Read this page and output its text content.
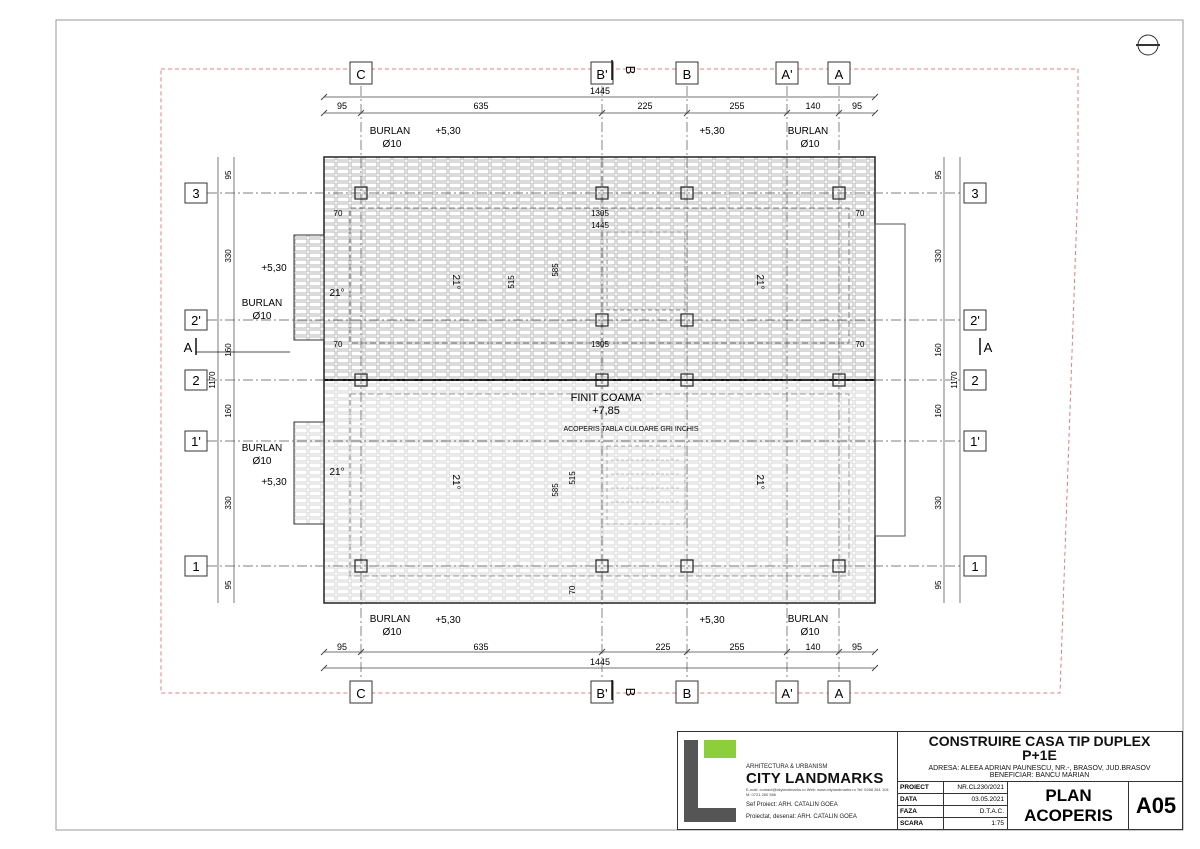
95	635	225	255	140	95
1445
95	635	225	255	140	95
1445
95
330
160
1170
160
330
95
95
330
160
1170
160
330
95
1305
1445
1305
70	70
70	70
70
515
585
515
585
C	B'	B	A'	A
C	B'	B	A'	A
3
2'
2
1'
1
3
2'
2
1'
1
B
B
A	A
BURLAN
Ø10
+5,30	+5,30	BURLAN
Ø10
BURLAN
Ø10
+5,30	+5,30	BURLAN
Ø10
+5,30
BURLAN
Ø10
21°
BURLAN
Ø10
+5,30
21°
21°	21°
21°	21°
FINIT COAMA
+7,85
ACOPERIS TABLA CULOARE GRI INCHIS
ARHITECTURA & URBANISM
CITY LANDMARKS
E-mail: contact@citylandmarks.ro Web: www.citylandmarks.ro Tel: 0268 361 104 M: 0721 260 566
Sef Proiect: ARH. CATALIN GOEA
Proiectat, desenat: ARH. CATALIN GOEA
CONSTRUIRE CASA TIP DUPLEX
P+1E
ADRESA: ALEEA ADRIAN PAUNESCU, NR.-, BRASOV, JUD.BRASOV
BENEFICIAR: BANCU MARIAN
PROIECT	NR.CL230/2021
DATA	03.05.2021
FAZA	D.T.A.C.
SCARA	1:75
PLAN
ACOPERIS	A05
